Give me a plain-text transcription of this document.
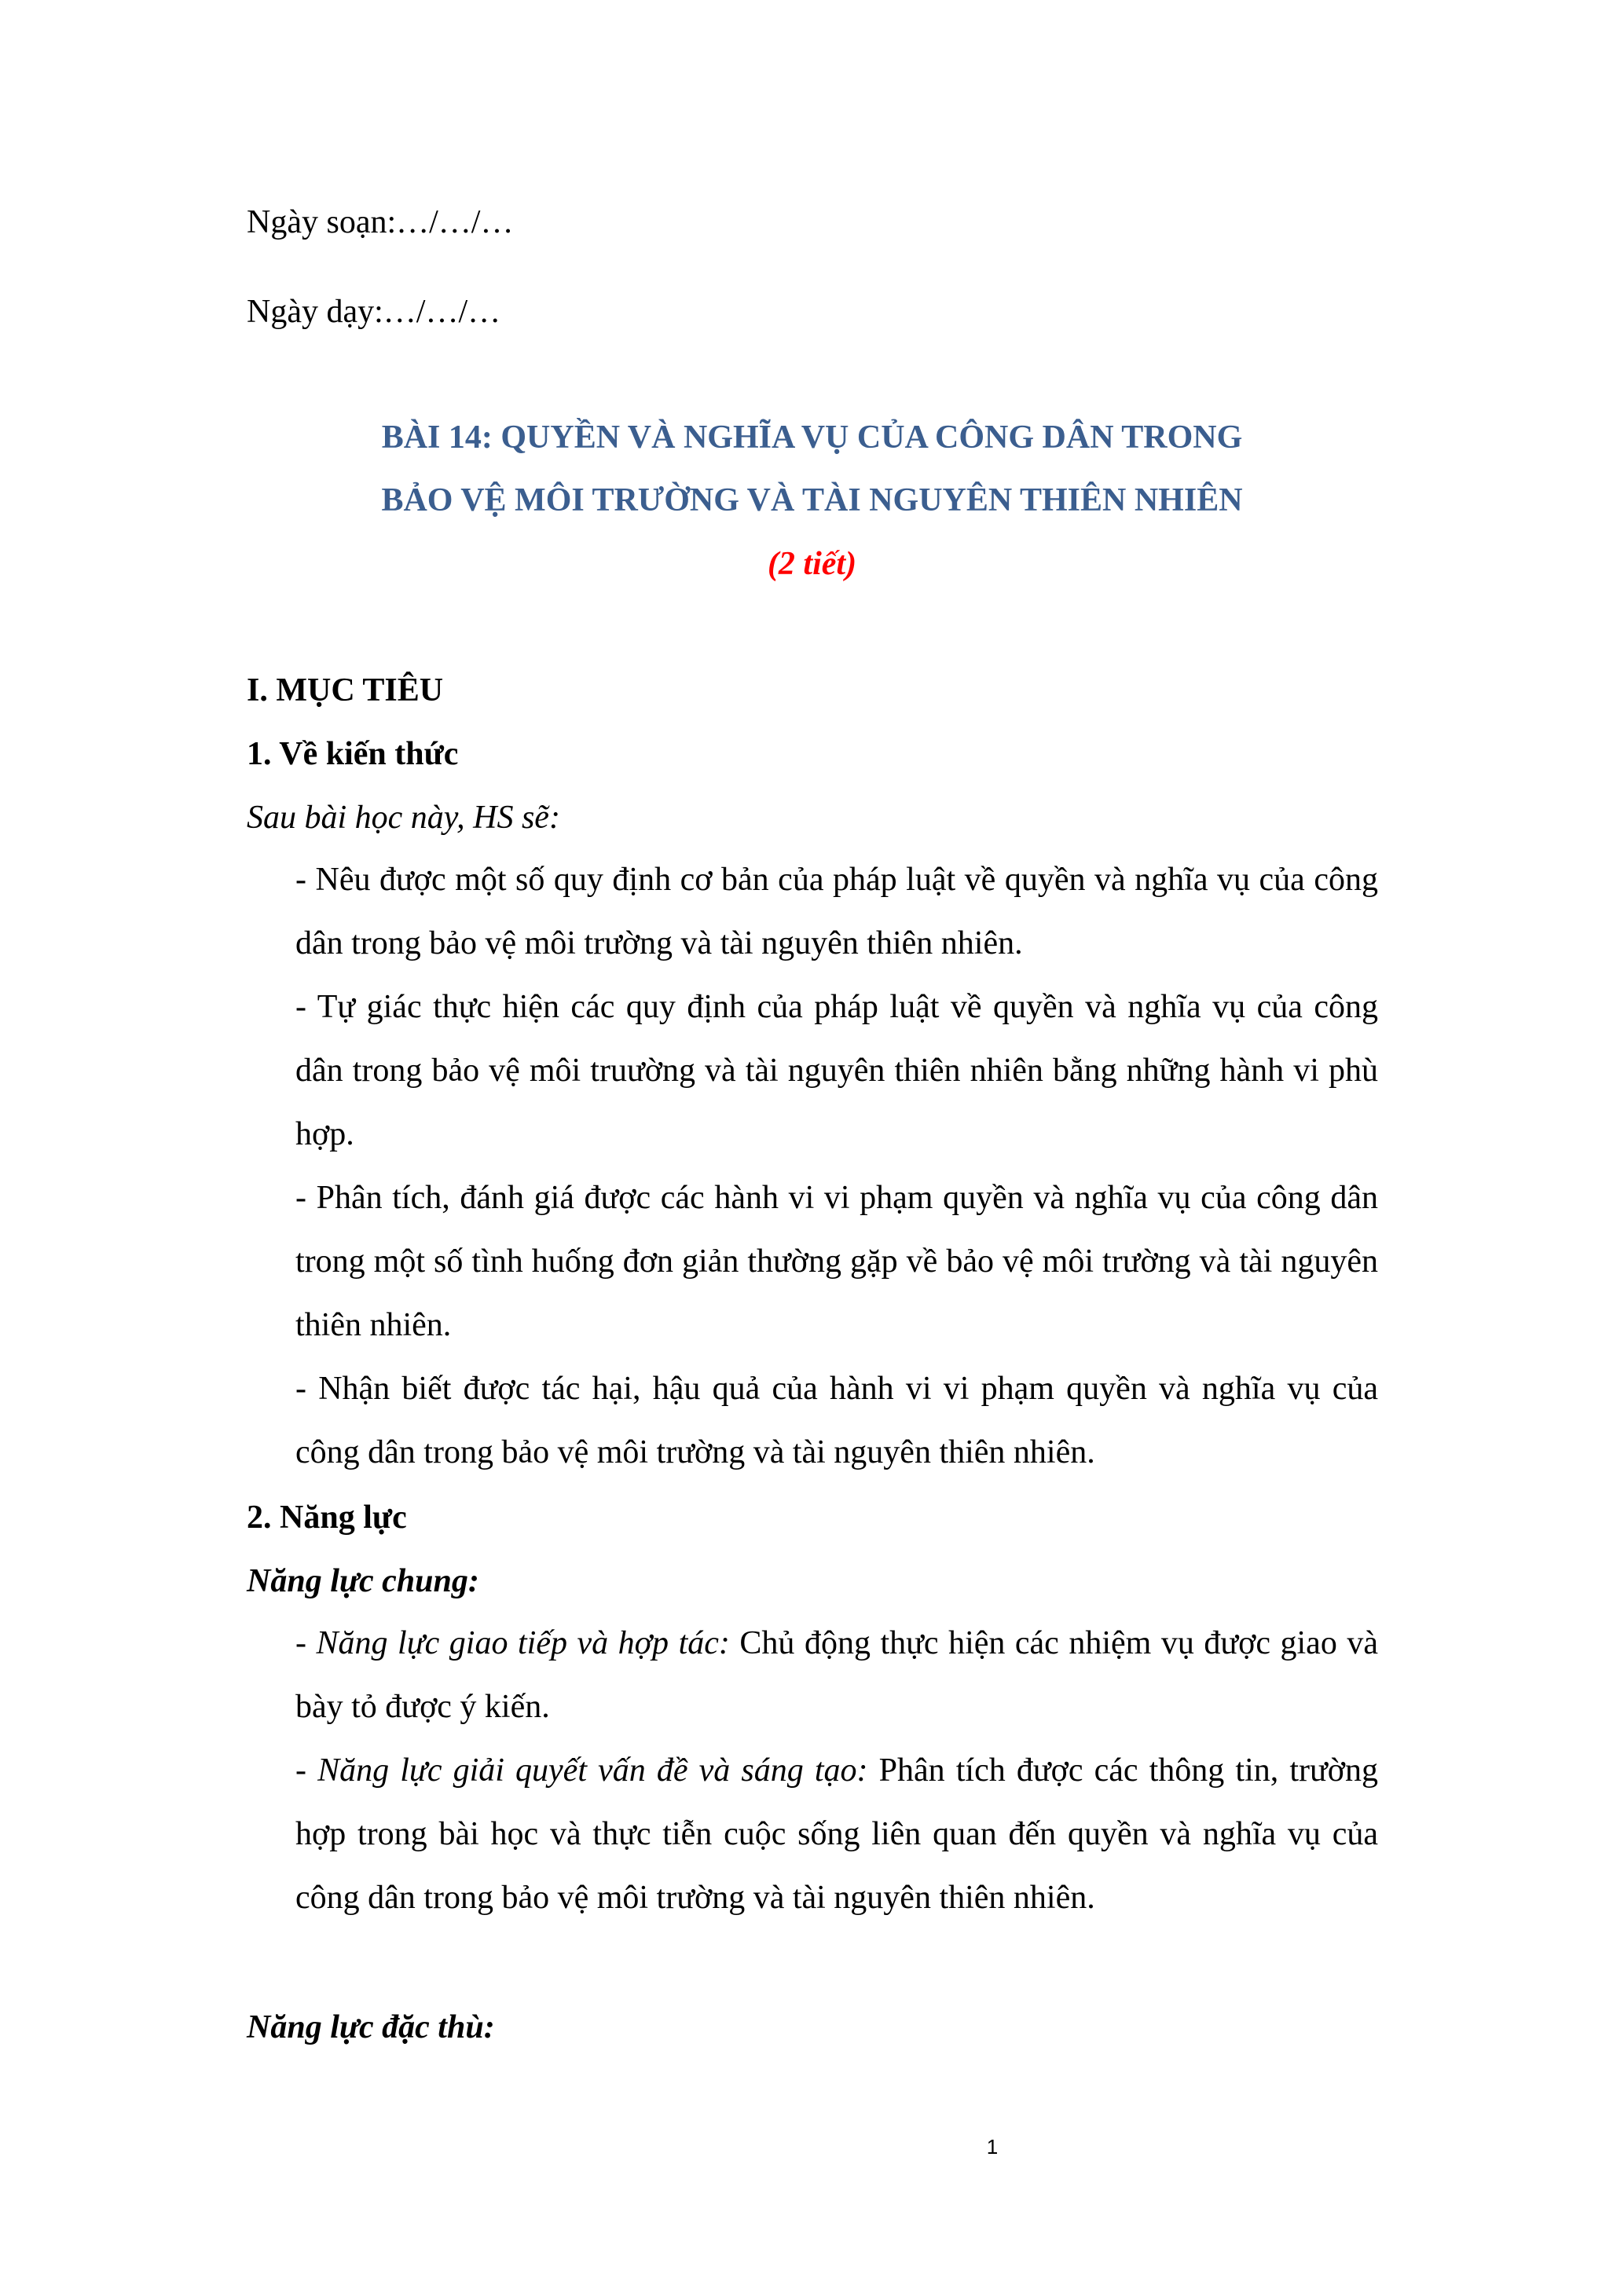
Ngày soạn:…/…/…
Ngày dạy:…/…/…
BÀI 14: QUYỀN VÀ NGHĨA VỤ CỦA CÔNG DÂN TRONG
BẢO VỆ MÔI TRƯỜNG VÀ TÀI NGUYÊN THIÊN NHIÊN
(2 tiết)
I. MỤC TIÊU
1. Về kiến thức
Sau bài học này, HS sẽ:

- Nêu được một số quy định cơ bản của pháp luật về quyền và nghĩa vụ của công dân trong bảo vệ môi trường và tài nguyên thiên nhiên.

- Tự giác thực hiện các quy định của pháp luật về quyền và nghĩa vụ của công dân trong bảo vệ môi truường và tài nguyên thiên nhiên bằng những hành vi phù hợp.

- Phân tích, đánh giá được các hành vi vi phạm quyền và nghĩa vụ của công dân trong một số tình huống đơn giản thường gặp về bảo vệ môi trường và tài nguyên thiên nhiên.

- Nhận biết được tác hại, hậu quả của hành vi vi phạm quyền và nghĩa vụ của công dân trong bảo vệ môi trường và tài nguyên thiên nhiên.

2. Năng lực
Năng lực chung:

- Năng lực giao tiếp và hợp tác: Chủ động thực hiện các nhiệm vụ được giao và bày tỏ được ý kiến.

- Năng lực giải quyết vấn đề và sáng tạo: Phân tích được các thông tin, trường hợp trong bài học và thực tiễn cuộc sống liên quan đến quyền và nghĩa vụ của công dân trong bảo vệ môi trường và tài nguyên thiên nhiên.

Năng lực đặc thù:
1
